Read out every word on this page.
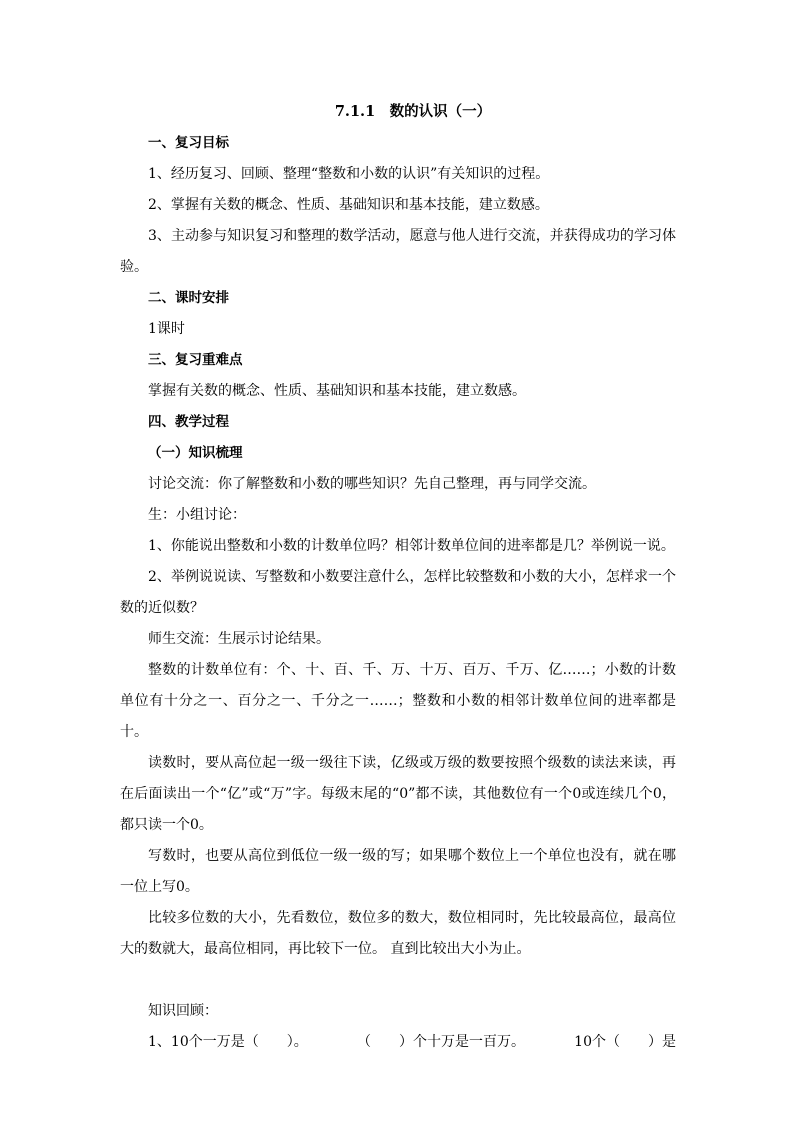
7.1.1　数的认识（一）
一、复习目标
1、经历复习、回顾、整理“整数和小数的认识”有关知识的过程。
2、掌握有关数的概念、性质、基础知识和基本技能，建立数感。
3、主动参与知识复习和整理的数学活动，愿意与他人进行交流，并获得成功的学习体验。
二、课时安排
1课时
三、复习重难点
掌握有关数的概念、性质、基础知识和基本技能，建立数感。
四、教学过程
（一）知识梳理
讨论交流：你了解整数和小数的哪些知识？先自己整理，再与同学交流。
生：小组讨论：
1、你能说出整数和小数的计数单位吗？相邻计数单位间的进率都是几？举例说一说。
2、举例说说读、写整数和小数要注意什么，怎样比较整数和小数的大小，怎样求一个数的近似数？
师生交流：生展示讨论结果。
整数的计数单位有：个、十、百、千、万、十万、百万、千万、亿……；小数的计数单位有十分之一、百分之一、千分之一……；整数和小数的相邻计数单位间的进率都是十。
读数时，要从高位起一级一级往下读，亿级或万级的数要按照个级数的读法来读，再在后面读出一个“亿”或“万”字。每级末尾的“0”都不读，其他数位有一个0或连续几个0，都只读一个0。
写数时，也要从高位到低位一级一级的写；如果哪个数位上一个单位也没有，就在哪一位上写0。
比较多位数的大小，先看数位，数位多的数大，数位相同时，先比较最高位，最高位大的数就大，最高位相同，再比较下一位。 直到比较出大小为止。
知识回顾：
1、10个一万是（　　）。	（　　）个十万是一百万。	10个（　　）是
